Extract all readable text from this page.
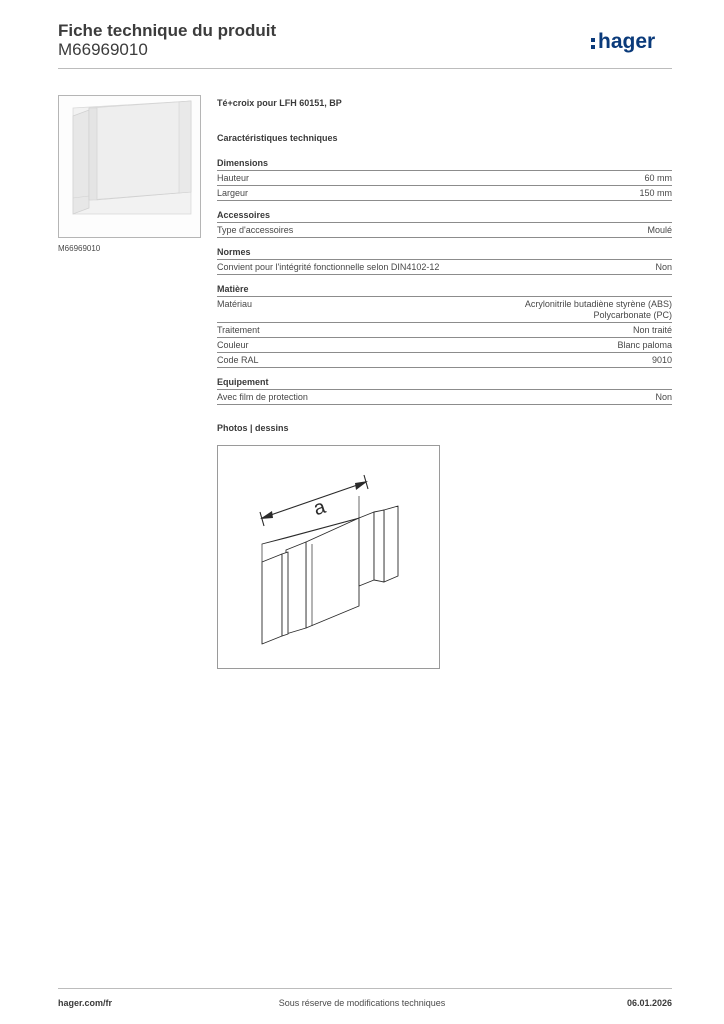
Fiche technique du produit
M66969010	hager
M66969010
Té+croix pour LFH 60151, BP
Caractéristiques techniques
Dimensions
Hauteur	60 mm
Largeur	150 mm
Accessoires
Type d'accessoires	Moulé
Normes
Convient pour l'intégrité fonctionnelle selon DIN4102-12	Non
Matière
Matériau	Acrylonitrile butadiène styrène (ABS)
Polycarbonate (PC)
Traitement	Non traité
Couleur	Blanc paloma
Code RAL	9010
Equipement
Avec film de protection	Non
Photos | dessins
a
hager.com/fr	Sous réserve de modifications techniques	06.01.2026
